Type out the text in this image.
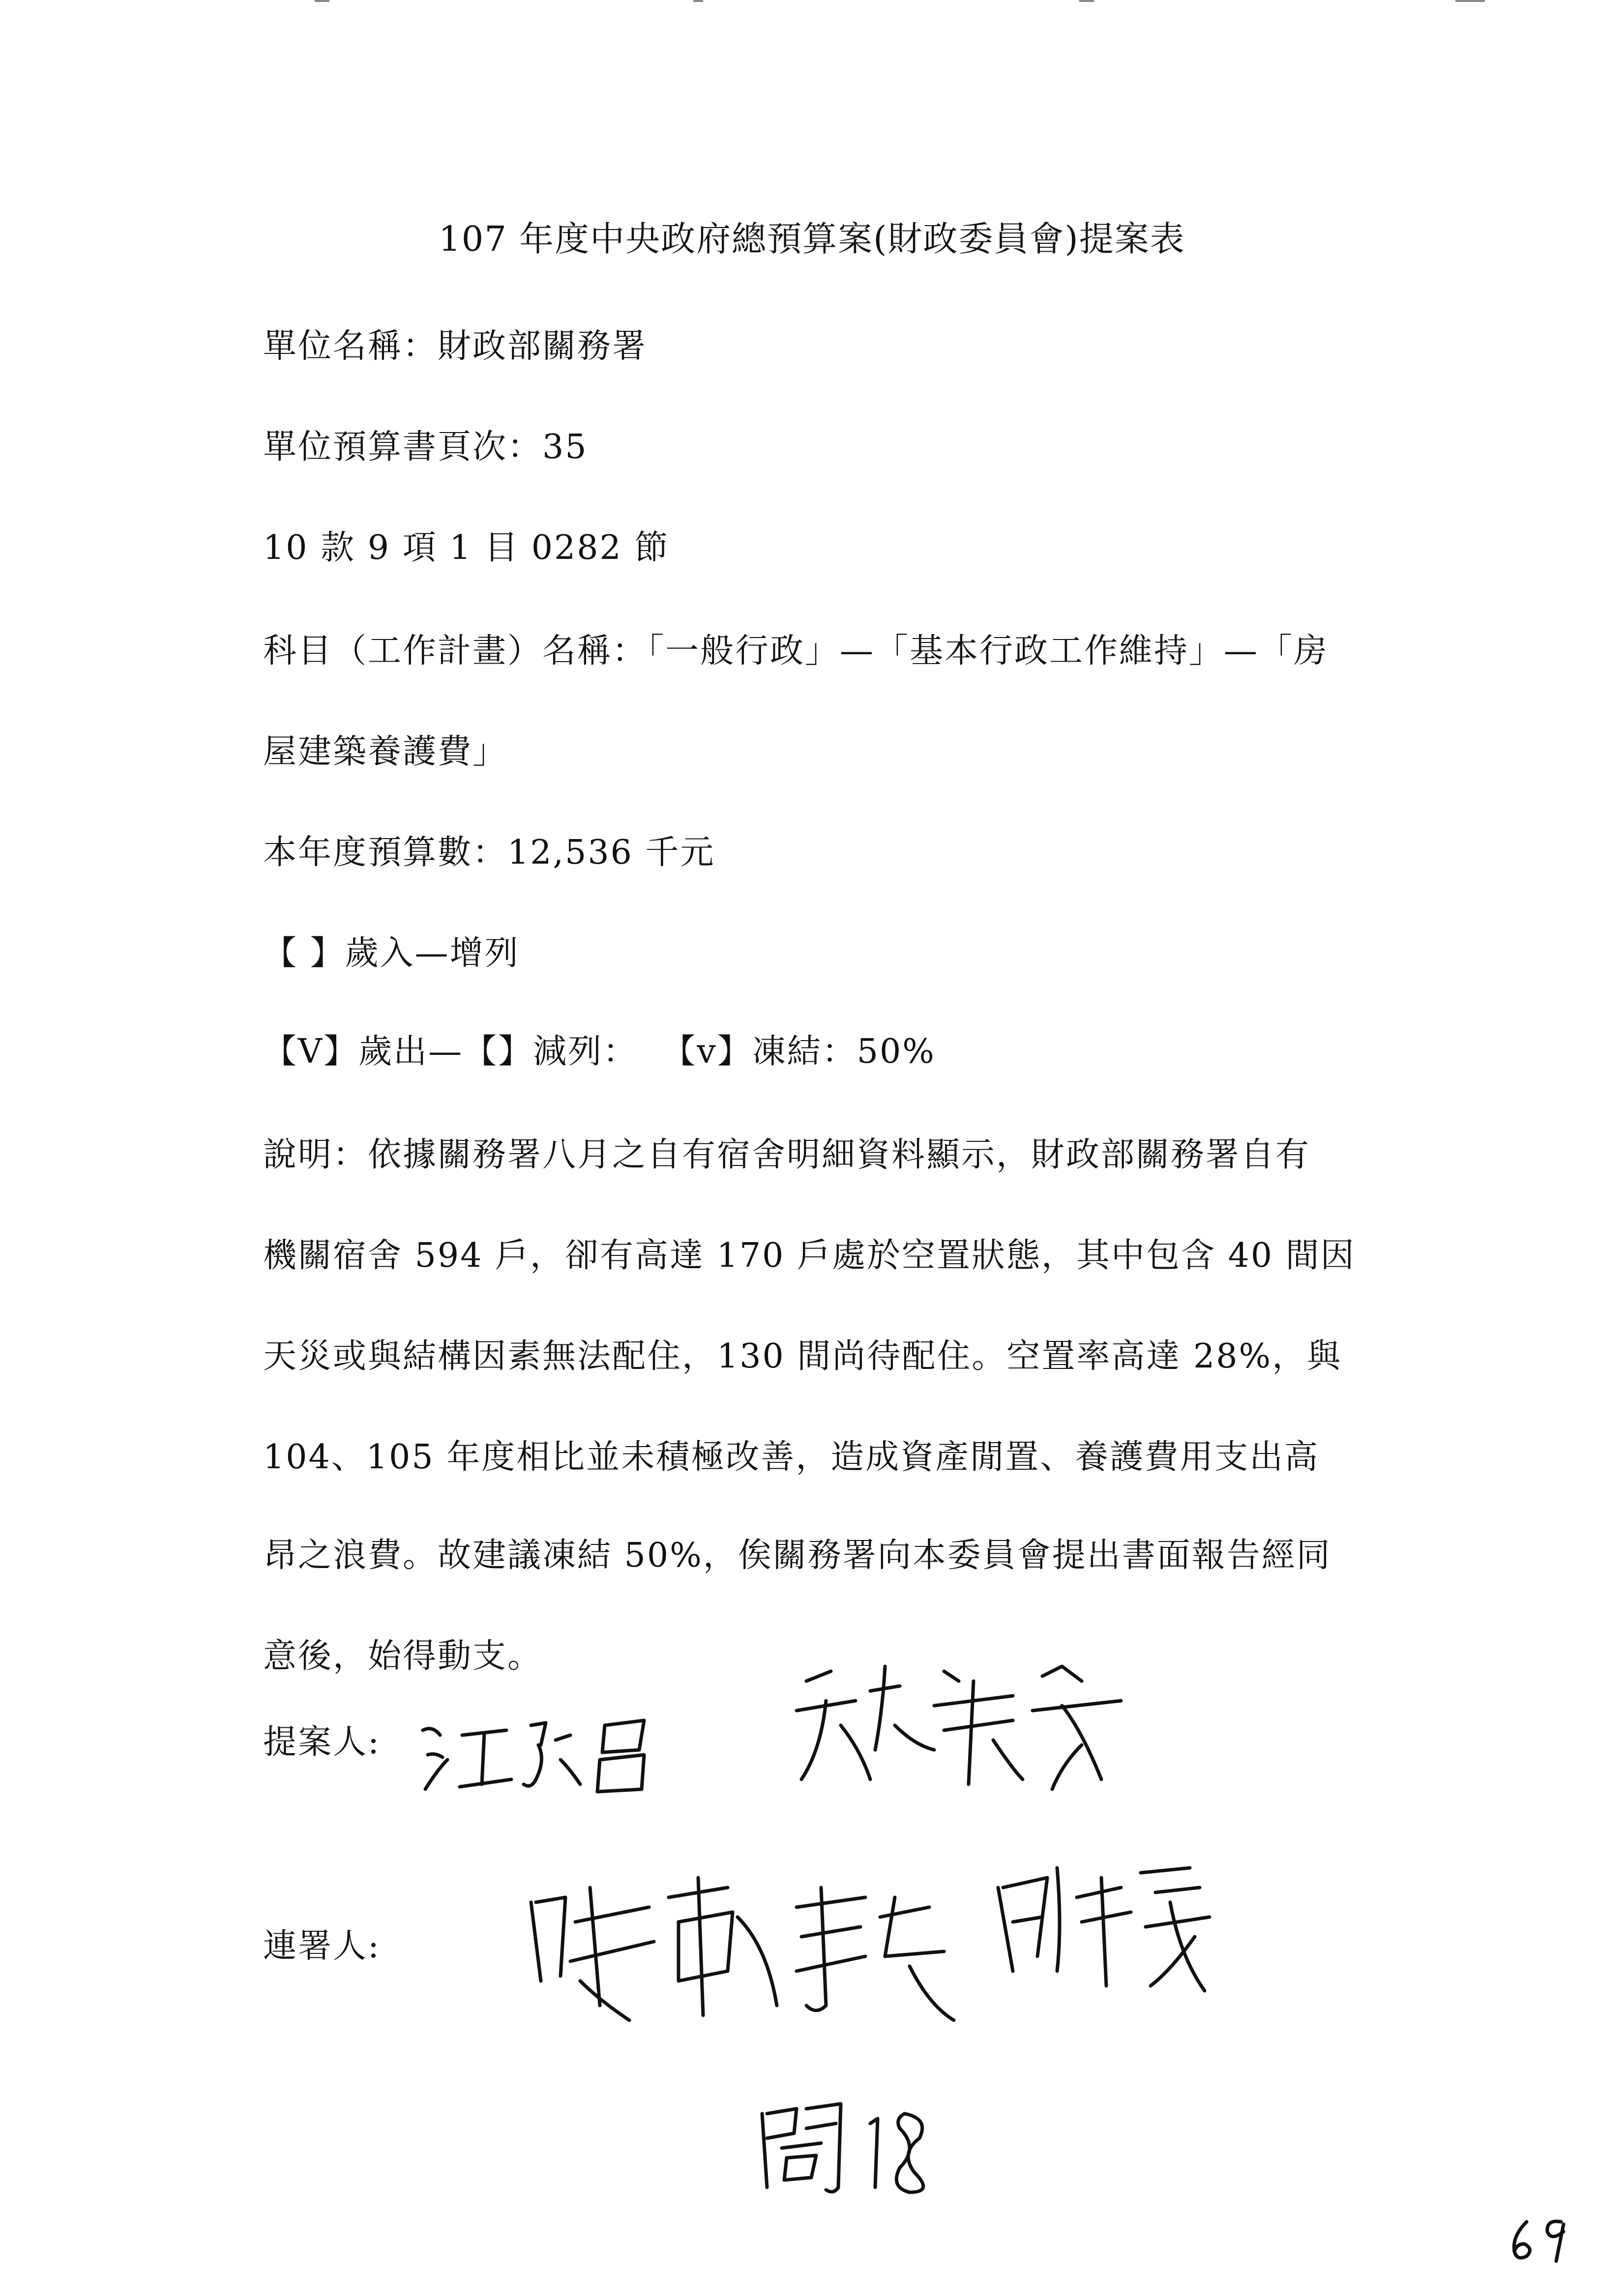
107 年度中央政府總預算案(財政委員會)提案表
單位名稱：財政部關務署
單位預算書頁次：35
10 款 9 項 1 目 0282 節
科目（工作計畫）名稱：「一般行政」—「基本行政工作維持」—「房
屋建築養護費」
本年度預算數：12,536 千元
【 】歲入—增列
【V】歲出—【】減列：  【v】凍結：50%
說明：依據關務署八月之自有宿舍明細資料顯示，財政部關務署自有
機關宿舍 594 戶，卻有高達 170 戶處於空置狀態，其中包含 40 間因
天災或與結構因素無法配住，130 間尚待配住。空置率高達 28%，與
104、105 年度相比並未積極改善，造成資產閒置、養護費用支出高
昂之浪費。故建議凍結 50%，俟關務署向本委員會提出書面報告經同
意後，始得動支。
提案人:
連署人:
